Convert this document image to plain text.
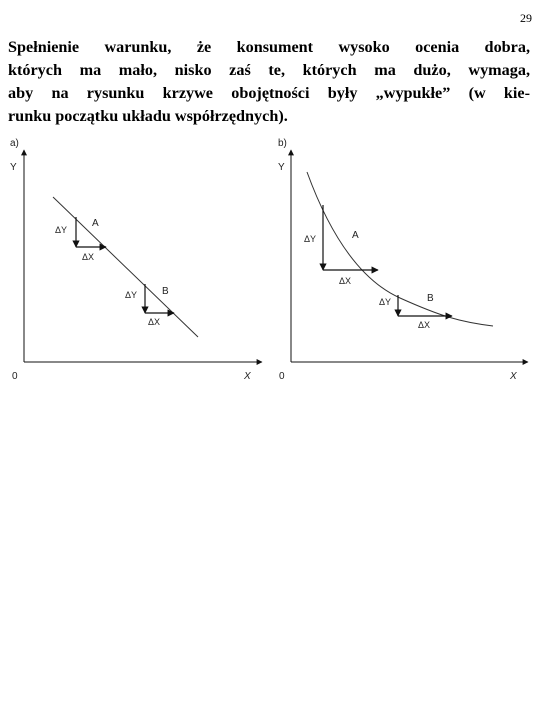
29

Spełnienie warunku, że konsument wysoko ocenia dobra,
których ma mało, nisko zaś te, których ma dużo, wymaga,
aby na rysunku krzywe obojętności były „wypukłe” (w kie-
runku początku układu współrzędnych).

a)
Y
0	X
ΔY
ΔX
A
ΔY
ΔX
B
b)
Y
0	X
ΔY
ΔX
A
ΔY
ΔX
B
